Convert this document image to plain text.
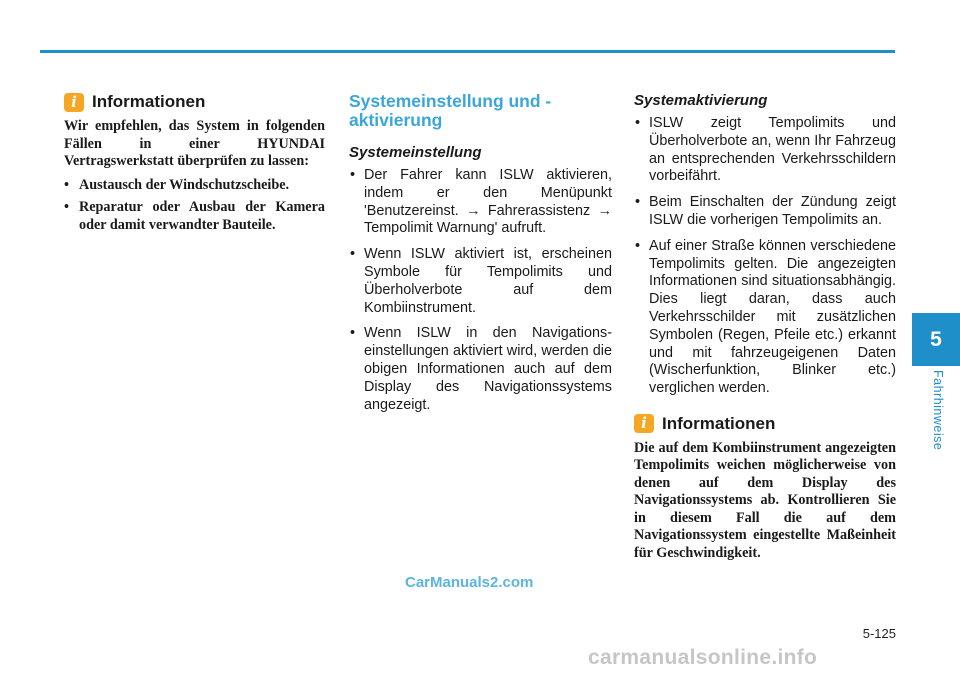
i Informationen

Wir empfehlen, das System in folgenden Fällen in einer HYUNDAI Vertragswerkstatt überprüfen zu lassen:

• Austausch der Windschutzscheibe.
• Reparatur oder Ausbau der Kamera oder damit verwandter Bauteile.
Systemeinstellung und -aktivierung
Systemeinstellung
• Der Fahrer kann ISLW aktivieren, indem er den Menüpunkt 'Benutzereinst. → Fahrerassistenz → Tempolimit Warnung' aufruft.
• Wenn ISLW aktiviert ist, erscheinen Symbole für Tempolimits und Überholverbote auf dem Kombiinstrument.
• Wenn ISLW in den Navigations-einstellungen aktiviert wird, werden die obigen Informationen auch auf dem Display des Navigationssystems angezeigt.
Systemaktivierung
• ISLW zeigt Tempolimits und Überholverbote an, wenn Ihr Fahrzeug an entsprechenden Verkehrsschildern vorbeifährt.
• Beim Einschalten der Zündung zeigt ISLW die vorherigen Tempolimits an.
• Auf einer Straße können verschiedene Tempolimits gelten. Die angezeigten Informationen sind situationsabhängig. Dies liegt daran, dass auch Verkehrsschilder mit zusätzlichen Symbolen (Regen, Pfeile etc.) erkannt und mit fahrzeugeigenen Daten (Wischerfunktion, Blinker etc.) verglichen werden.
i Informationen

Die auf dem Kombiinstrument angezeigten Tempolimits weichen möglicherweise von denen auf dem Display des Navigationssystems ab. Kontrollieren Sie in diesem Fall die auf dem Navigationssystem eingestellte Maßeinheit für Geschwindigkeit.

5
Fahrhinweise
5-125
CarManuals2.com
carmanualsonline.info
